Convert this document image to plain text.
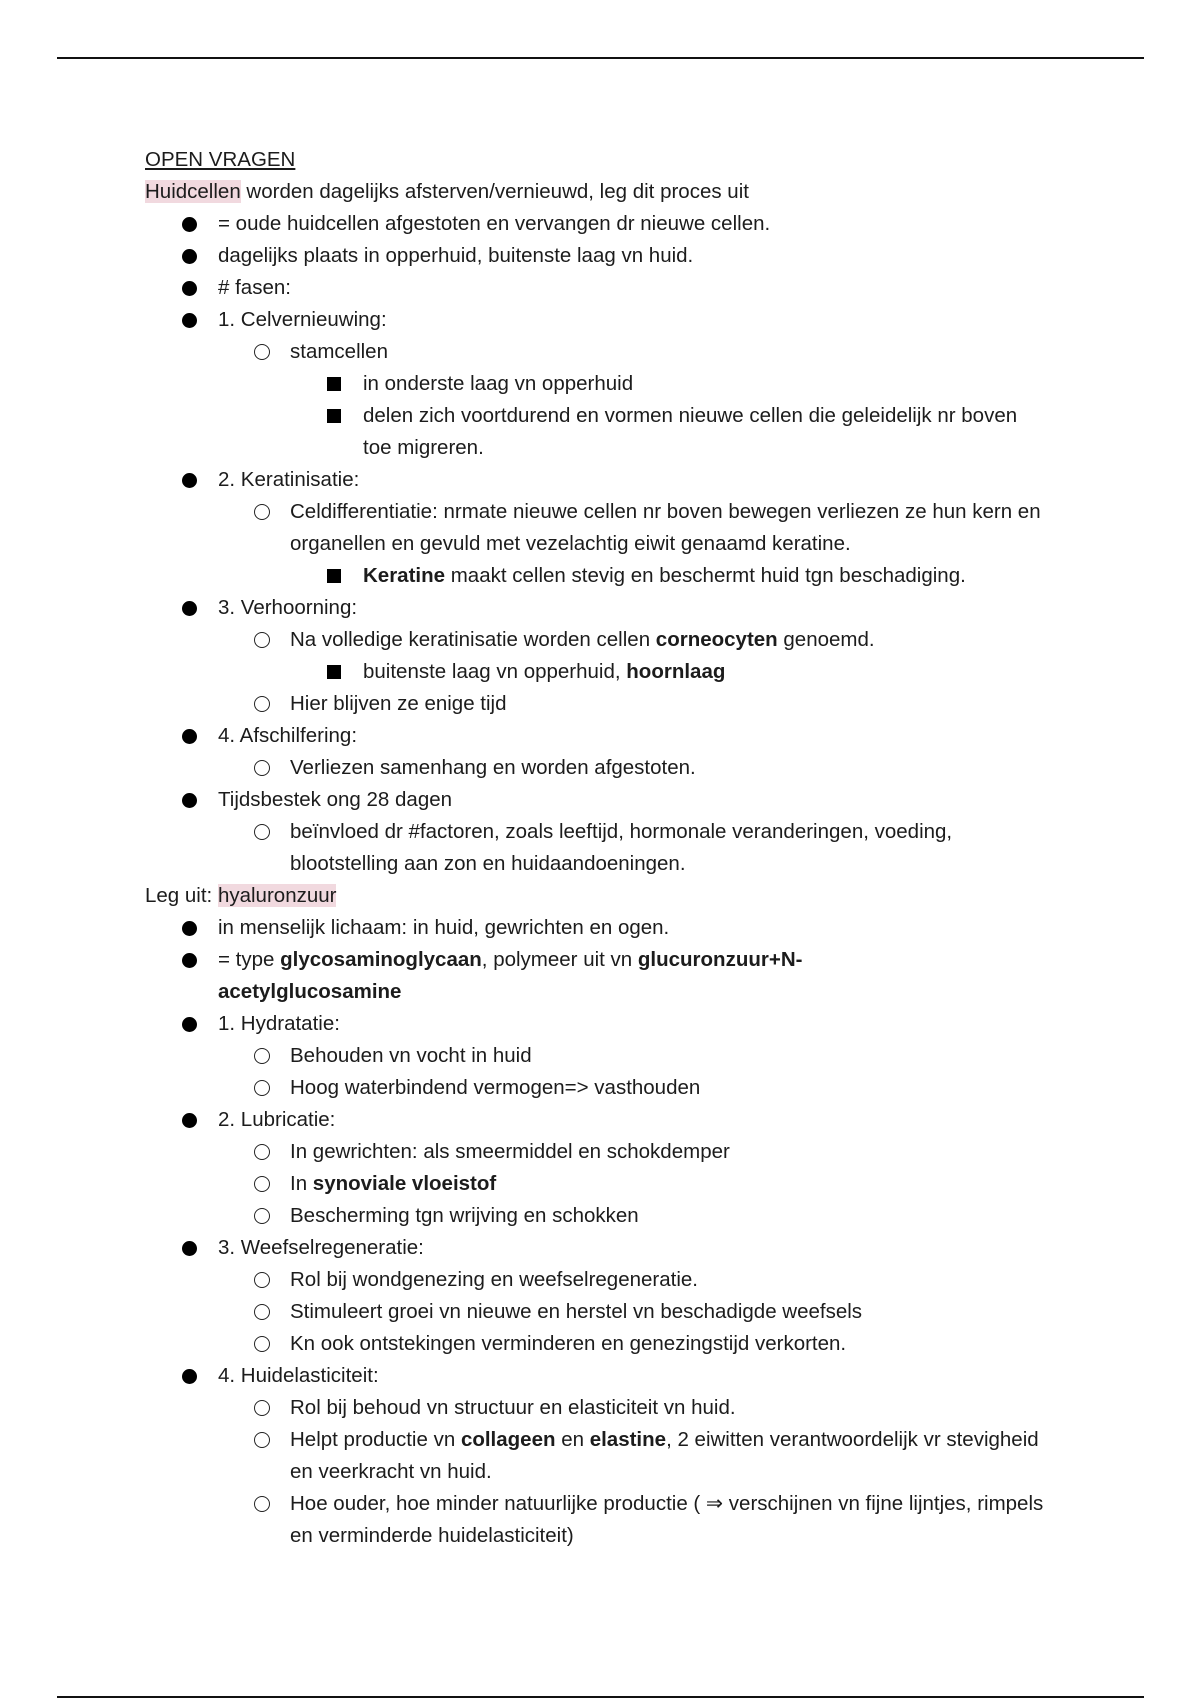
OPEN VRAGEN
Huidcellen worden dagelijks afsterven/vernieuwd, leg dit proces uit
= oude huidcellen afgestoten en vervangen dr nieuwe cellen.
dagelijks plaats in opperhuid, buitenste laag vn huid.
# fasen:
1. Celvernieuwing:
stamcellen
in onderste laag vn opperhuid
delen zich voortdurend en vormen nieuwe cellen die geleidelijk nr boven toe migreren.
2. Keratinisatie:
Celdifferentiatie: nrmate nieuwe cellen nr boven bewegen verliezen ze hun kern en organellen en gevuld met vezelachtig eiwit genaamd keratine.
Keratine maakt cellen stevig en beschermt huid tgn beschadiging.
3. Verhoorning:
Na volledige keratinisatie worden cellen corneocyten genoemd.
buitenste laag vn opperhuid, hoornlaag
Hier blijven ze enige tijd
4. Afschilfering:
Verliezen samenhang en worden afgestoten.
Tijdsbestek ong 28 dagen
beïnvloed dr #factoren, zoals leeftijd, hormonale veranderingen, voeding, blootstelling aan zon en huidaandoeningen.
Leg uit: hyaluronzuur
in menselijk lichaam: in huid, gewrichten en ogen.
= type glycosaminoglycaan, polymeer uit vn glucuronzuur+N-acetylglucosamine
1. Hydratatie:
Behouden vn vocht in huid
Hoog waterbindend vermogen=> vasthouden
2. Lubricatie:
In gewrichten: als smeermiddel en schokdemper
In synoviale vloeistof
Bescherming tgn wrijving en schokken
3. Weefselregeneratie:
Rol bij wondgenezing en weefselregeneratie.
Stimuleert groei vn nieuwe en herstel vn beschadigde weefsels
Kn ook ontstekingen verminderen en genezingstijd verkorten.
4. Huidelasticiteit:
Rol bij behoud vn structuur en elasticiteit vn huid.
Helpt productie vn collageen en elastine, 2 eiwitten verantwoordelijk vr stevigheid en veerkracht vn huid.
Hoe ouder, hoe minder natuurlijke productie ( ⇒ verschijnen vn fijne lijntjes, rimpels en verminderde huidelasticiteit)
